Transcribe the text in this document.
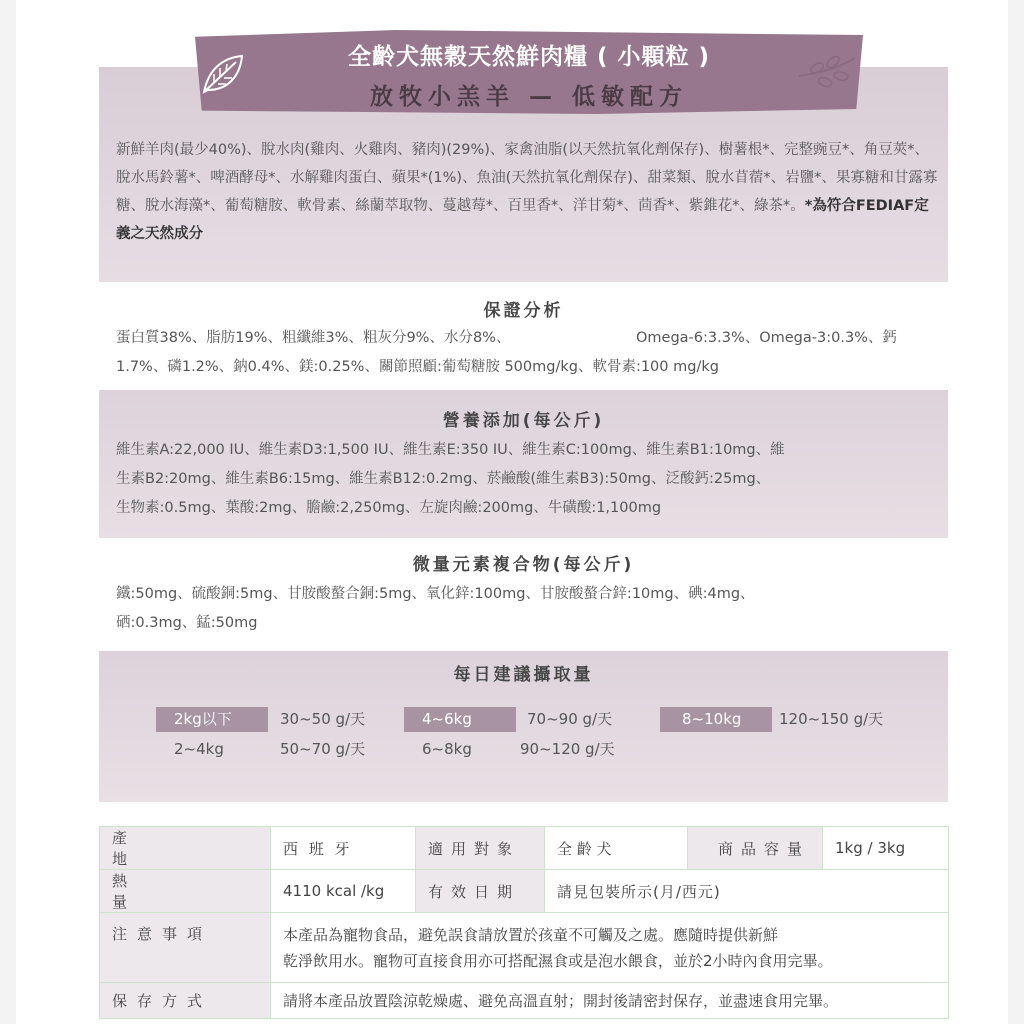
全齡犬無穀天然鮮肉糧 ( 小顆粒 )
放牧小羔羊 — 低敏配方
新鮮羊肉(最少40%)、脫水肉(雞肉、火雞肉、豬肉)(29%)、家禽油脂(以天然抗氧化劑保存)、樹薯根*、完整豌豆*、角豆莢*、脫水馬鈴薯*、啤酒酵母*、水解雞肉蛋白、蘋果*(1%)、魚油(天然抗氧化劑保存)、甜菜類、脫水苜蓿*、岩鹽*、果寡糖和甘露寡糖、脫水海藻*、葡萄糖胺、軟骨素、絲蘭萃取物、蔓越莓*、百里香*、洋甘菊*、茴香*、紫錐花*、綠茶*。*為符合FEDIAF定義之天然成分
保證分析
蛋白質38%、脂肪19%、粗纖維3%、粗灰分9%、水分8%、	Omega-6:3.3%、Omega-3:0.3%、鈣
1.7%、磷1.2%、鈉0.4%、鎂:0.25%、關節照顧:葡萄糖胺 500mg/kg、軟骨素:100 mg/kg
營養添加(每公斤)
維生素A:22,000 IU、維生素D3:1,500 IU、維生素E:350 IU、維生素C:100mg、維生素B1:10mg、維
生素B2:20mg、維生素B6:15mg、維生素B12:0.2mg、菸鹼酸(維生素B3):50mg、泛酸鈣:25mg、
生物素:0.5mg、葉酸:2mg、膽鹼:2,250mg、左旋肉鹼:200mg、牛磺酸:1,100mg
微量元素複合物(每公斤)
鐵:50mg、硫酸銅:5mg、甘胺酸螯合銅:5mg、氧化鋅:100mg、甘胺酸螯合鋅:10mg、碘:4mg、
硒:0.3mg、錳:50mg
每日建議攝取量
2kg以下	30~50 g/天
2~4kg	50~70 g/天
4~6kg	70~90 g/天
6~8kg	90~120 g/天
8~10kg	120~150 g/天
產地	西 班 牙	適用對象	全 齡 犬	商品容量	1kg / 3kg
熱量	4110 kcal /kg	有效日期	請見包裝所示(月/西元)		
注意事項	本產品為寵物食品，避免誤食請放置於孩童不可觸及之處。應隨時提供新鮮
乾淨飲用水。寵物可直接食用亦可搭配濕食或是泡水餵食，並於2小時內食用完畢。				

保存方式	請將本產品放置陰涼乾燥處、避免高溫直射；開封後請密封保存，並盡速食用完畢。				
